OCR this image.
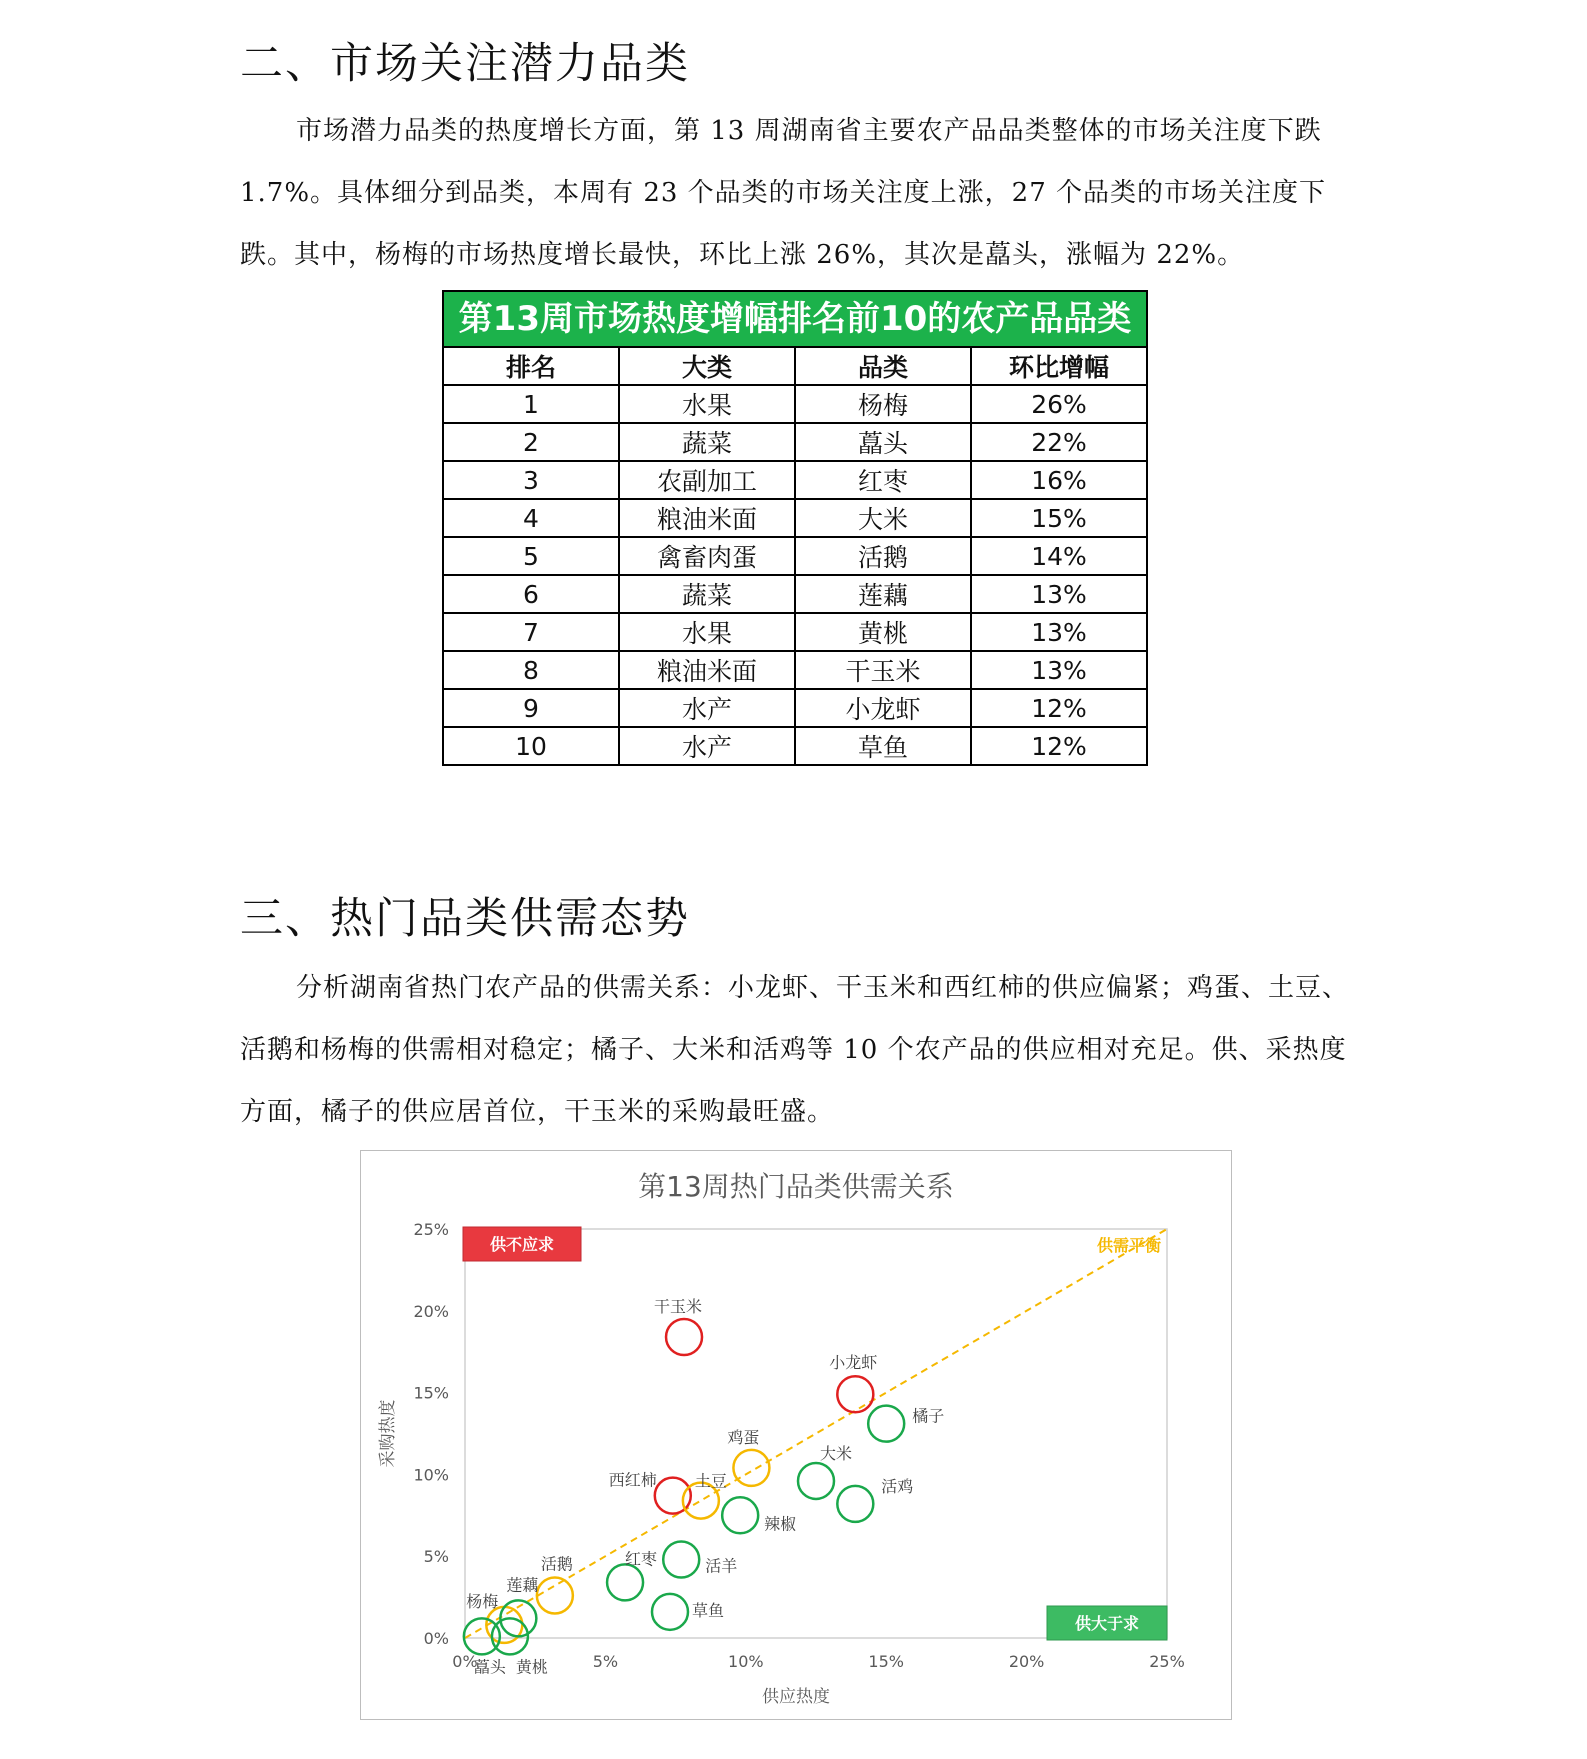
二、市场关注潜力品类

市场潜力品类的热度增长方面，第 13 周湖南省主要农产品品类整体的市场关注度下跌 1.7%。具体细分到品类，本周有 23 个品类的市场关注度上涨，27 个品类的市场关注度下跌。其中，杨梅的市场热度增长最快，环比上涨 26%，其次是藠头，涨幅为 22%。

第13周市场热度增幅排名前10的农产品品类
排名	大类	品类	环比增幅
1	水果	杨梅	26%
2	蔬菜	藠头	22%
3	农副加工	红枣	16%
4	粮油米面	大米	15%
5	禽畜肉蛋	活鹅	14%
6	蔬菜	莲藕	13%
7	水果	黄桃	13%
8	粮油米面	干玉米	13%
9	水产	小龙虾	12%
10	水产	草鱼	12%
三、热门品类供需态势

分析湖南省热门农产品的供需关系：小龙虾、干玉米和西红柿的供应偏紧；鸡蛋、土豆、活鹅和杨梅的供需相对稳定；橘子、大米和活鸡等 10 个农产品的供应相对充足。供、采热度方面，橘子的供应居首位，干玉米的采购最旺盛。

第13周热门品类供需关系
0%
0%
5%
5%
10%
10%
15%
15%
20%
20%
25%
25%
供应热度
采购热度
供不应求
供大于求
供需平衡
干玉米
小龙虾
西红柿
鸡蛋
土豆
活鹅
杨梅
橘子
大米
活鸡
辣椒
活羊
红枣
草鱼
莲藕
藠头 黄桃
